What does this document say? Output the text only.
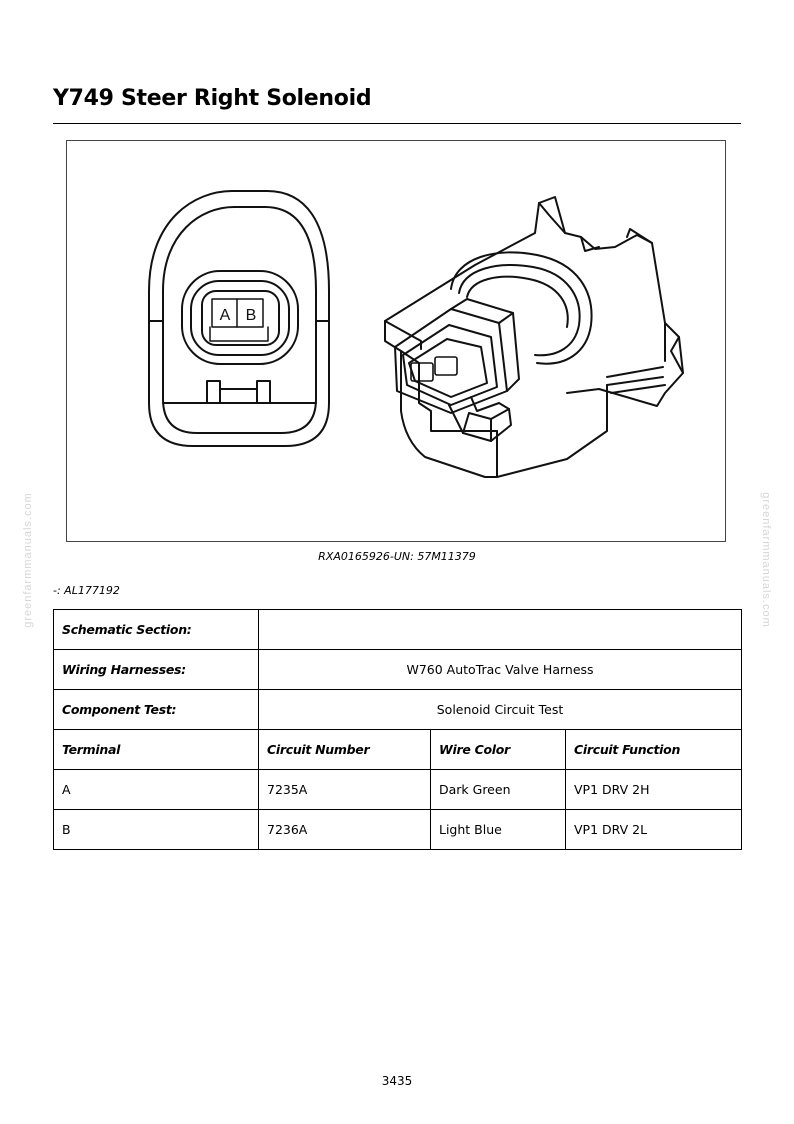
Y749 Steer Right Solenoid
A B
RXA0165926-UN: 57M11379
-: AL177192
greenfarmmanuals.com	greenfarmmanuals.com
Schematic Section:			
Wiring Harnesses:	W760 AutoTrac Valve Harness		
Component Test:	Solenoid Circuit Test		
Terminal	Circuit Number	Wire Color	Circuit Function
A	7235A	Dark Green	VP1 DRV 2H
B	7236A	Light Blue	VP1 DRV 2L
3435
